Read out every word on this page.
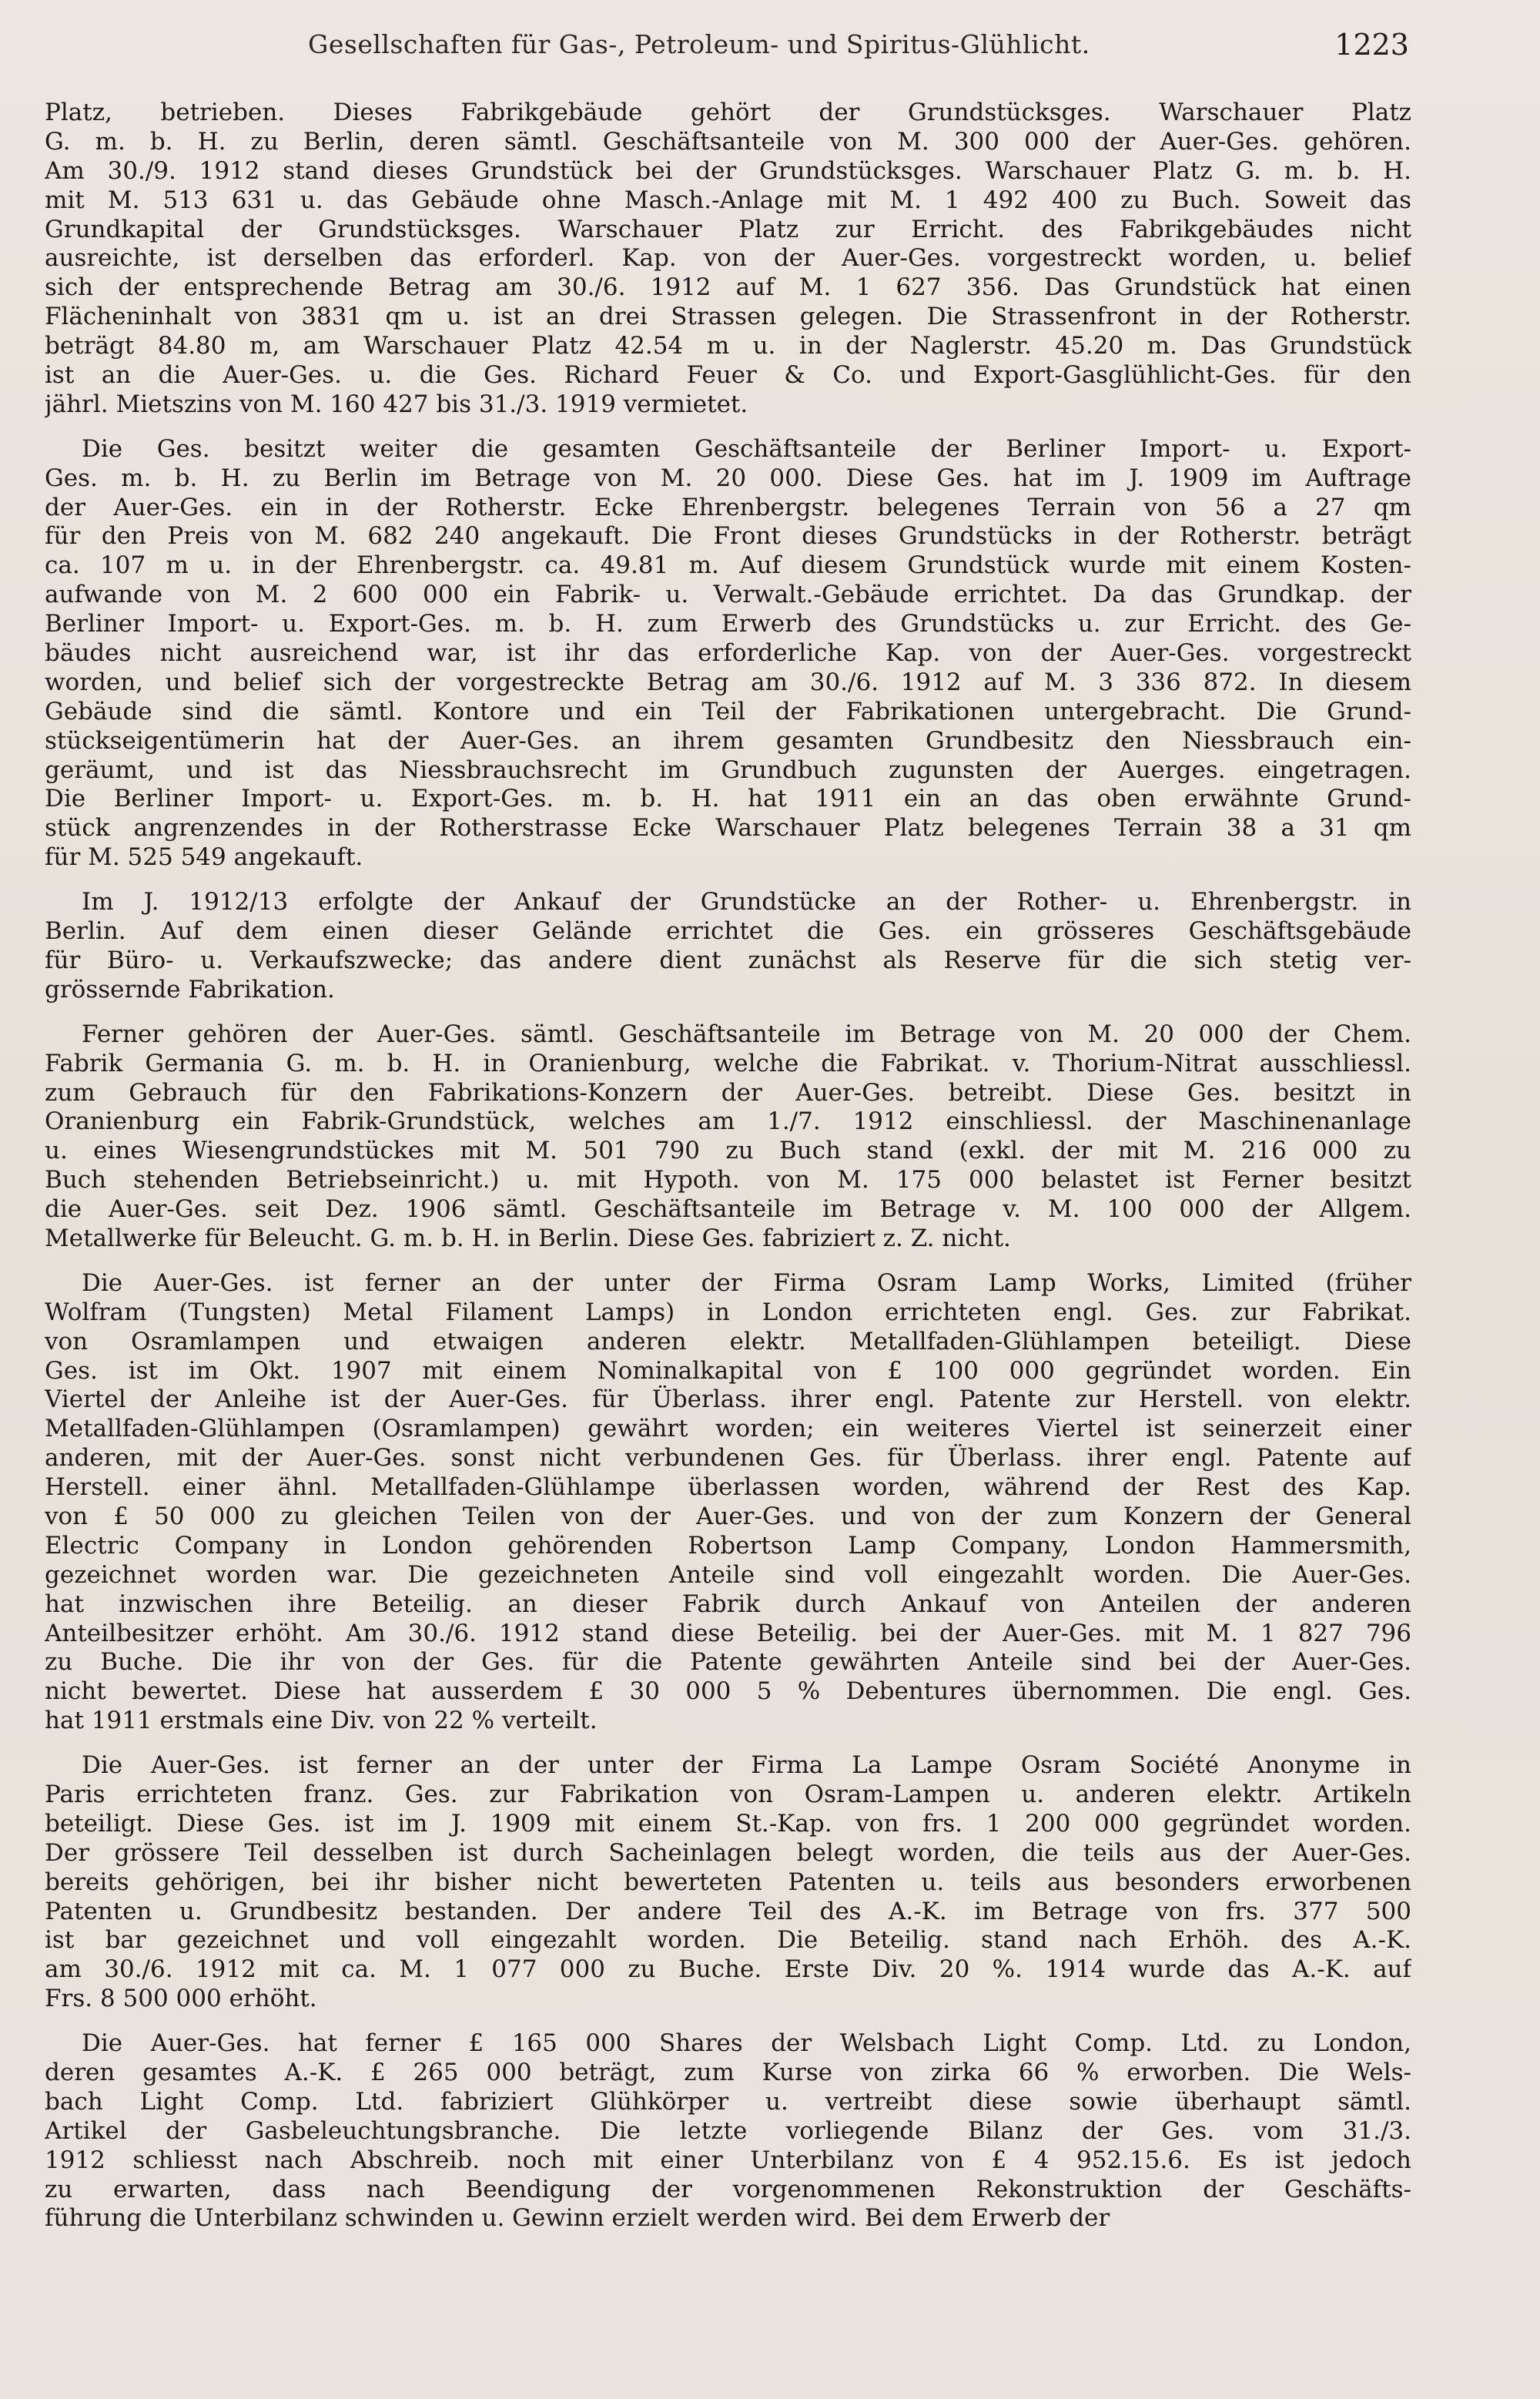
Gesellschaften für Gas-, Petroleum- und Spiritus-Glühlicht.	1223
Platz, betrieben. Dieses Fabrikgebäude gehört der Grundstücksges. Warschauer Platz
G. m. b. H. zu Berlin, deren sämtl. Geschäftsanteile von M. 300 000 der Auer-Ges. gehören.
Am 30./9. 1912 stand dieses Grundstück bei der Grundstücksges. Warschauer Platz G. m. b. H.
mit M. 513 631 u. das Gebäude ohne Masch.-Anlage mit M. 1 492 400 zu Buch. Soweit das
Grundkapital der Grundstücksges. Warschauer Platz zur Erricht. des Fabrikgebäudes nicht
ausreichte, ist derselben das erforderl. Kap. von der Auer-Ges. vorgestreckt worden, u. belief
sich der entsprechende Betrag am 30./6. 1912 auf M. 1 627 356. Das Grundstück hat einen
Flächeninhalt von 3831 qm u. ist an drei Strassen gelegen. Die Strassenfront in der Rotherstr.
beträgt 84.80 m, am Warschauer Platz 42.54 m u. in der Naglerstr. 45.20 m. Das Grundstück
ist an die Auer-Ges. u. die Ges. Richard Feuer & Co. und Export-Gasglühlicht-Ges. für den
jährl. Mietszins von M. 160 427 bis 31./3. 1919 vermietet.
Die Ges. besitzt weiter die gesamten Geschäftsanteile der Berliner Import- u. Export-
Ges. m. b. H. zu Berlin im Betrage von M. 20 000. Diese Ges. hat im J. 1909 im Auftrage
der Auer-Ges. ein in der Rotherstr. Ecke Ehrenbergstr. belegenes Terrain von 56 a 27 qm
für den Preis von M. 682 240 angekauft. Die Front dieses Grundstücks in der Rotherstr. beträgt
ca. 107 m u. in der Ehrenbergstr. ca. 49.81 m. Auf diesem Grundstück wurde mit einem Kosten-
aufwande von M. 2 600 000 ein Fabrik- u. Verwalt.-Gebäude errichtet. Da das Grundkap. der
Berliner Import- u. Export-Ges. m. b. H. zum Erwerb des Grundstücks u. zur Erricht. des Ge-
bäudes nicht ausreichend war, ist ihr das erforderliche Kap. von der Auer-Ges. vorgestreckt
worden, und belief sich der vorgestreckte Betrag am 30./6. 1912 auf M. 3 336 872. In diesem
Gebäude sind die sämtl. Kontore und ein Teil der Fabrikationen untergebracht. Die Grund-
stückseigentümerin hat der Auer-Ges. an ihrem gesamten Grundbesitz den Niessbrauch ein-
geräumt, und ist das Niessbrauchsrecht im Grundbuch zugunsten der Auerges. eingetragen.
Die Berliner Import- u. Export-Ges. m. b. H. hat 1911 ein an das oben erwähnte Grund-
stück angrenzendes in der Rotherstrasse Ecke Warschauer Platz belegenes Terrain 38 a 31 qm
für M. 525 549 angekauft.
Im J. 1912/13 erfolgte der Ankauf der Grundstücke an der Rother- u. Ehrenbergstr. in
Berlin. Auf dem einen dieser Gelände errichtet die Ges. ein grösseres Geschäftsgebäude
für Büro- u. Verkaufszwecke; das andere dient zunächst als Reserve für die sich stetig ver-
grössernde Fabrikation.
Ferner gehören der Auer-Ges. sämtl. Geschäftsanteile im Betrage von M. 20 000 der Chem.
Fabrik Germania G. m. b. H. in Oranienburg, welche die Fabrikat. v. Thorium-Nitrat ausschliessl.
zum Gebrauch für den Fabrikations-Konzern der Auer-Ges. betreibt. Diese Ges. besitzt in
Oranienburg ein Fabrik-Grundstück, welches am 1./7. 1912 einschliessl. der Maschinenanlage
u. eines Wiesengrundstückes mit M. 501 790 zu Buch stand (exkl. der mit M. 216 000 zu
Buch stehenden Betriebseinricht.) u. mit Hypoth. von M. 175 000 belastet ist Ferner besitzt
die Auer-Ges. seit Dez. 1906 sämtl. Geschäftsanteile im Betrage v. M. 100 000 der Allgem.
Metallwerke für Beleucht. G. m. b. H. in Berlin. Diese Ges. fabriziert z. Z. nicht.
Die Auer-Ges. ist ferner an der unter der Firma Osram Lamp Works, Limited (früher
Wolfram (Tungsten) Metal Filament Lamps) in London errichteten engl. Ges. zur Fabrikat.
von Osramlampen und etwaigen anderen elektr. Metallfaden-Glühlampen beteiligt. Diese
Ges. ist im Okt. 1907 mit einem Nominalkapital von £ 100 000 gegründet worden. Ein
Viertel der Anleihe ist der Auer-Ges. für Überlass. ihrer engl. Patente zur Herstell. von elektr.
Metallfaden-Glühlampen (Osramlampen) gewährt worden; ein weiteres Viertel ist seinerzeit einer
anderen, mit der Auer-Ges. sonst nicht verbundenen Ges. für Überlass. ihrer engl. Patente auf
Herstell. einer ähnl. Metallfaden-Glühlampe überlassen worden, während der Rest des Kap.
von £ 50 000 zu gleichen Teilen von der Auer-Ges. und von der zum Konzern der General
Electric Company in London gehörenden Robertson Lamp Company, London Hammersmith,
gezeichnet worden war. Die gezeichneten Anteile sind voll eingezahlt worden. Die Auer-Ges.
hat inzwischen ihre Beteilig. an dieser Fabrik durch Ankauf von Anteilen der anderen
Anteilbesitzer erhöht. Am 30./6. 1912 stand diese Beteilig. bei der Auer-Ges. mit M. 1 827 796
zu Buche. Die ihr von der Ges. für die Patente gewährten Anteile sind bei der Auer-Ges.
nicht bewertet. Diese hat ausserdem £ 30 000 5 % Debentures übernommen. Die engl. Ges.
hat 1911 erstmals eine Div. von 22 % verteilt.
Die Auer-Ges. ist ferner an der unter der Firma La Lampe Osram Société Anonyme in
Paris errichteten franz. Ges. zur Fabrikation von Osram-Lampen u. anderen elektr. Artikeln
beteiligt. Diese Ges. ist im J. 1909 mit einem St.-Kap. von frs. 1 200 000 gegründet worden.
Der grössere Teil desselben ist durch Sacheinlagen belegt worden, die teils aus der Auer-Ges.
bereits gehörigen, bei ihr bisher nicht bewerteten Patenten u. teils aus besonders erworbenen
Patenten u. Grundbesitz bestanden. Der andere Teil des A.-K. im Betrage von frs. 377 500
ist bar gezeichnet und voll eingezahlt worden. Die Beteilig. stand nach Erhöh. des A.-K.
am 30./6. 1912 mit ca. M. 1 077 000 zu Buche. Erste Div. 20 %. 1914 wurde das A.-K. auf
Frs. 8 500 000 erhöht.
Die Auer-Ges. hat ferner £ 165 000 Shares der Welsbach Light Comp. Ltd. zu London,
deren gesamtes A.-K. £ 265 000 beträgt, zum Kurse von zirka 66 % erworben. Die Wels-
bach Light Comp. Ltd. fabriziert Glühkörper u. vertreibt diese sowie überhaupt sämtl.
Artikel der Gasbeleuchtungsbranche. Die letzte vorliegende Bilanz der Ges. vom 31./3.
1912 schliesst nach Abschreib. noch mit einer Unterbilanz von £ 4 952.15.6. Es ist jedoch
zu erwarten, dass nach Beendigung der vorgenommenen Rekonstruktion der Geschäfts-
führung die Unterbilanz schwinden u. Gewinn erzielt werden wird. Bei dem Erwerb der
